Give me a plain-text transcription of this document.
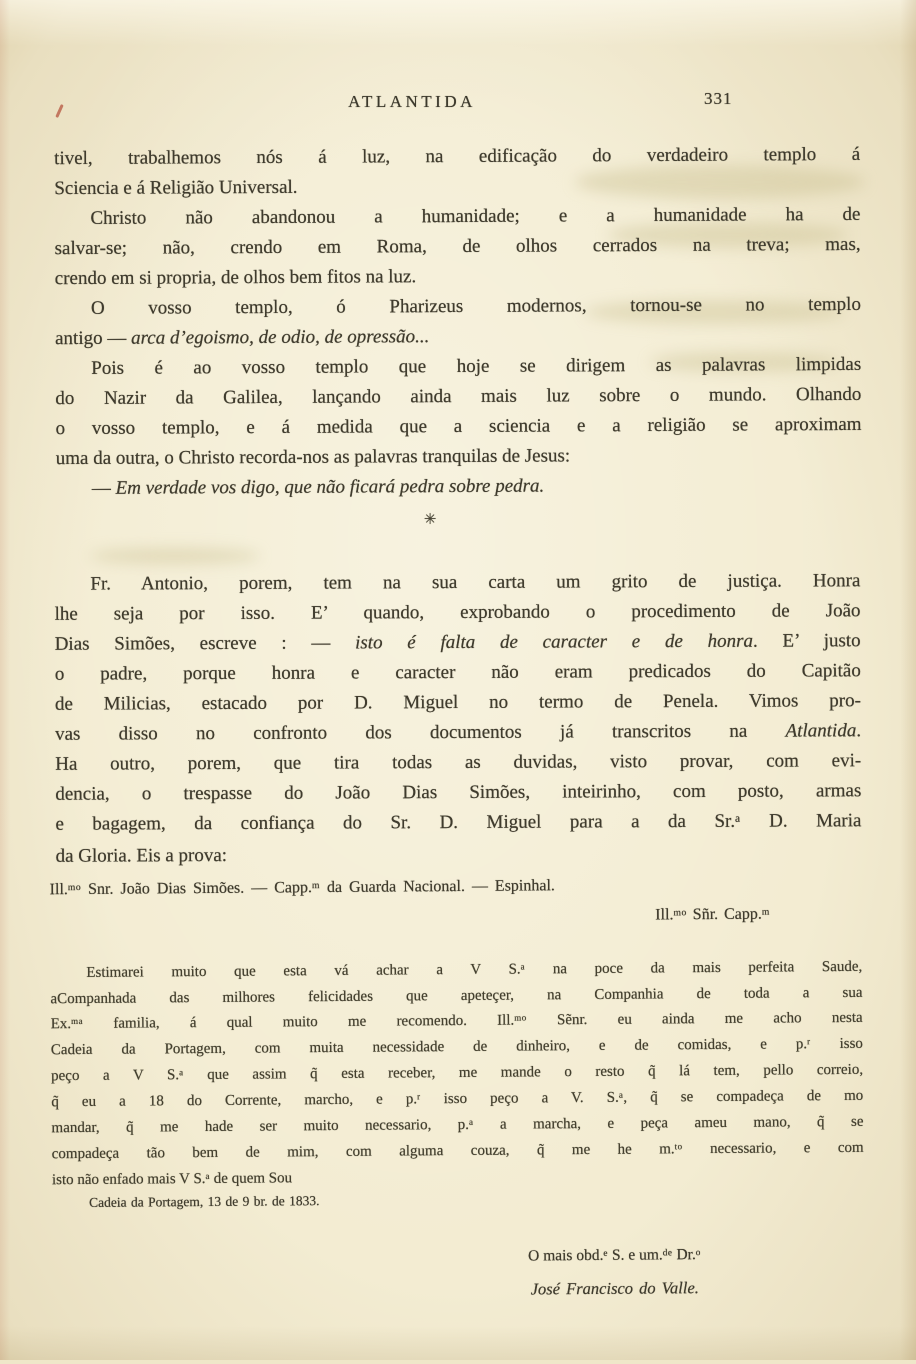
ATLANTIDA	331
tivel, trabalhemos nós á luz, na edificação do verdadeiro templo á
Sciencia e á Religião Universal.
Christo não abandonou a humanidade; e a humanidade ha de
salvar-se; não, crendo em Roma, de olhos cerrados na treva; mas,
crendo em si propria, de olhos bem fitos na luz.
O vosso templo, ó Pharizeus modernos, tornou-se no templo
antigo — arca d’egoismo, de odio, de opressão...
Pois é ao vosso templo que hoje se dirigem as palavras limpidas
do Nazir da Galilea, lançando ainda mais luz sobre o mundo. Olhando
o vosso templo, e á medida que a sciencia e a religião se aproximam
uma da outra, o Christo recorda-nos as palavras tranquilas de Jesus:
— Em verdade vos digo, que não ficará pedra sobre pedra.
✳
Fr. Antonio, porem, tem na sua carta um grito de justiça. Honra
lhe seja por isso. E’ quando, exprobando o procedimento de João
Dias Simões, escreve : — isto é falta de caracter e de honra. E’ justo
o padre, porque honra e caracter não eram predicados do Capitão
de Milicias, estacado por D. Miguel no termo de Penela. Vimos pro-
vas disso no confronto dos documentos já transcritos na Atlantida.
Ha outro, porem, que tira todas as duvidas, visto provar, com evi-
dencia, o trespasse do João Dias Simões, inteirinho, com posto, armas
e bagagem, da confiança do Sr. D. Miguel para a da Sr.$^a$ D. Maria
da Gloria. Eis a prova:
Ill.$^{mo}$ Snr. João Dias Simões. — Capp.$^m$ da Guarda Nacional. — Espinhal.
Ill.$^{mo}$ Sñr. Capp.$^m$
Estimarei muito que esta vá achar a V S.$^a$ na poce da mais perfeita Saude,
aCompanhada das milhores felicidades que apeteçer, na Companhia de toda a sua
Ex.$^{ma}$ familia, á qual muito me recomendo. Ill.$^{mo}$ Sẽnr. eu ainda me acho nesta
Cadeia da Portagem, com muita necessidade de dinheiro, e de comidas, e p.$^r$ isso
peço a V S.$^a$ que assim q̃ esta receber, me mande o resto q̃ lá tem, pello correio,
q̃ eu a 18 do Corrente, marcho, e p.$^r$ isso peço a V. S.$^a$, q̃ se compadeça de mo
mandar, q̃ me hade ser muito necessario, p.$^a$ a marcha, e peça ameu mano, q̃ se
compadeça tão bem de mim, com alguma couza, q̃ me he m.$^{to}$ necessario, e com
isto não enfado mais V S.$^a$ de quem Sou
Cadeia da Portagem, 13 de 9 br. de 1833.
O mais obd.$^e$ S. e um.$^{de}$ Dr.$^o$
José Francisco do Valle.
